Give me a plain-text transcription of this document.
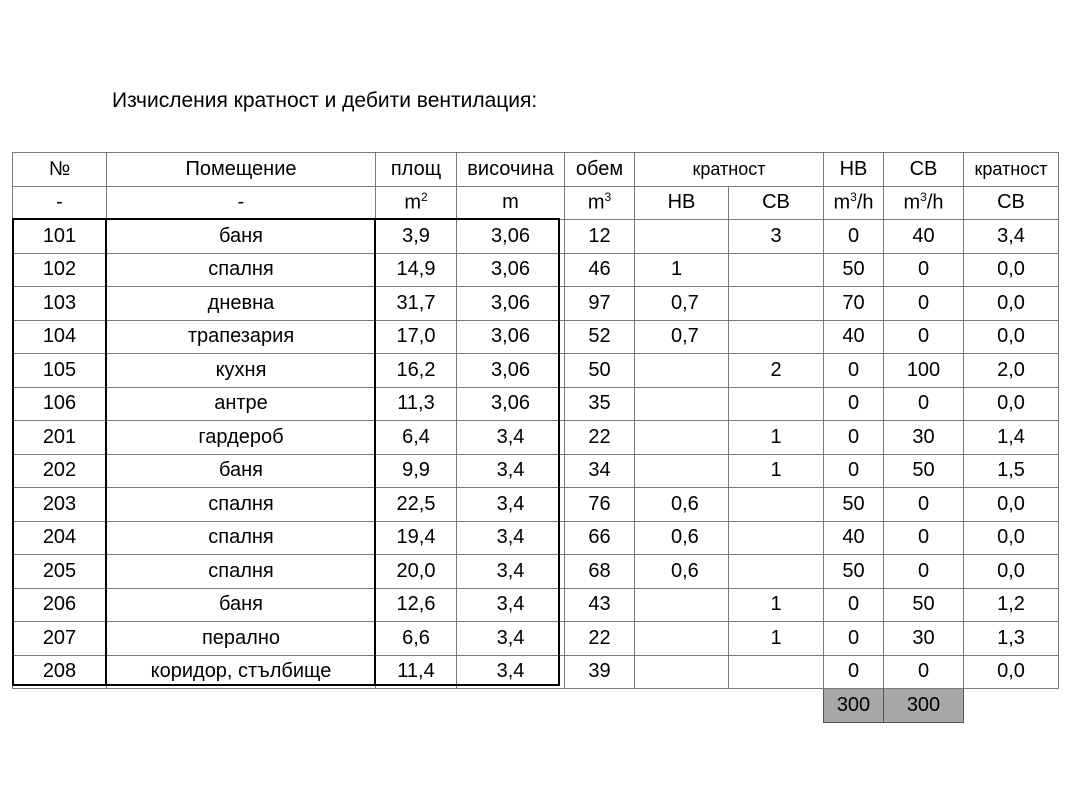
Изчисления кратност и дебити вентилация:
№	Помещение	площ	височина	обем	кратност		НВ	СВ	кратност
-	-	$m^2$	m	$m^3$	НВ	СВ	$m^3/h$	$m^3/h$	СВ
101	баня	3,9	3,06	12		3	0	40	3,4
102	спалня	14,9	3,06	46	1		50	0	0,0
103	дневна	31,7	3,06	97	0,7		70	0	0,0
104	трапезария	17,0	3,06	52	0,7		40	0	0,0
105	кухня	16,2	3,06	50		2	0	100	2,0
106	антре	11,3	3,06	35			0	0	0,0
201	гардероб	6,4	3,4	22		1	0	30	1,4
202	баня	9,9	3,4	34		1	0	50	1,5
203	спалня	22,5	3,4	76	0,6		50	0	0,0
204	спалня	19,4	3,4	66	0,6		40	0	0,0
205	спалня	20,0	3,4	68	0,6		50	0	0,0
206	баня	12,6	3,4	43		1	0	50	1,2
207	перално	6,6	3,4	22		1	0	30	1,3
208	коридор, стълбище	11,4	3,4	39			0	0	0,0
							300	300	
